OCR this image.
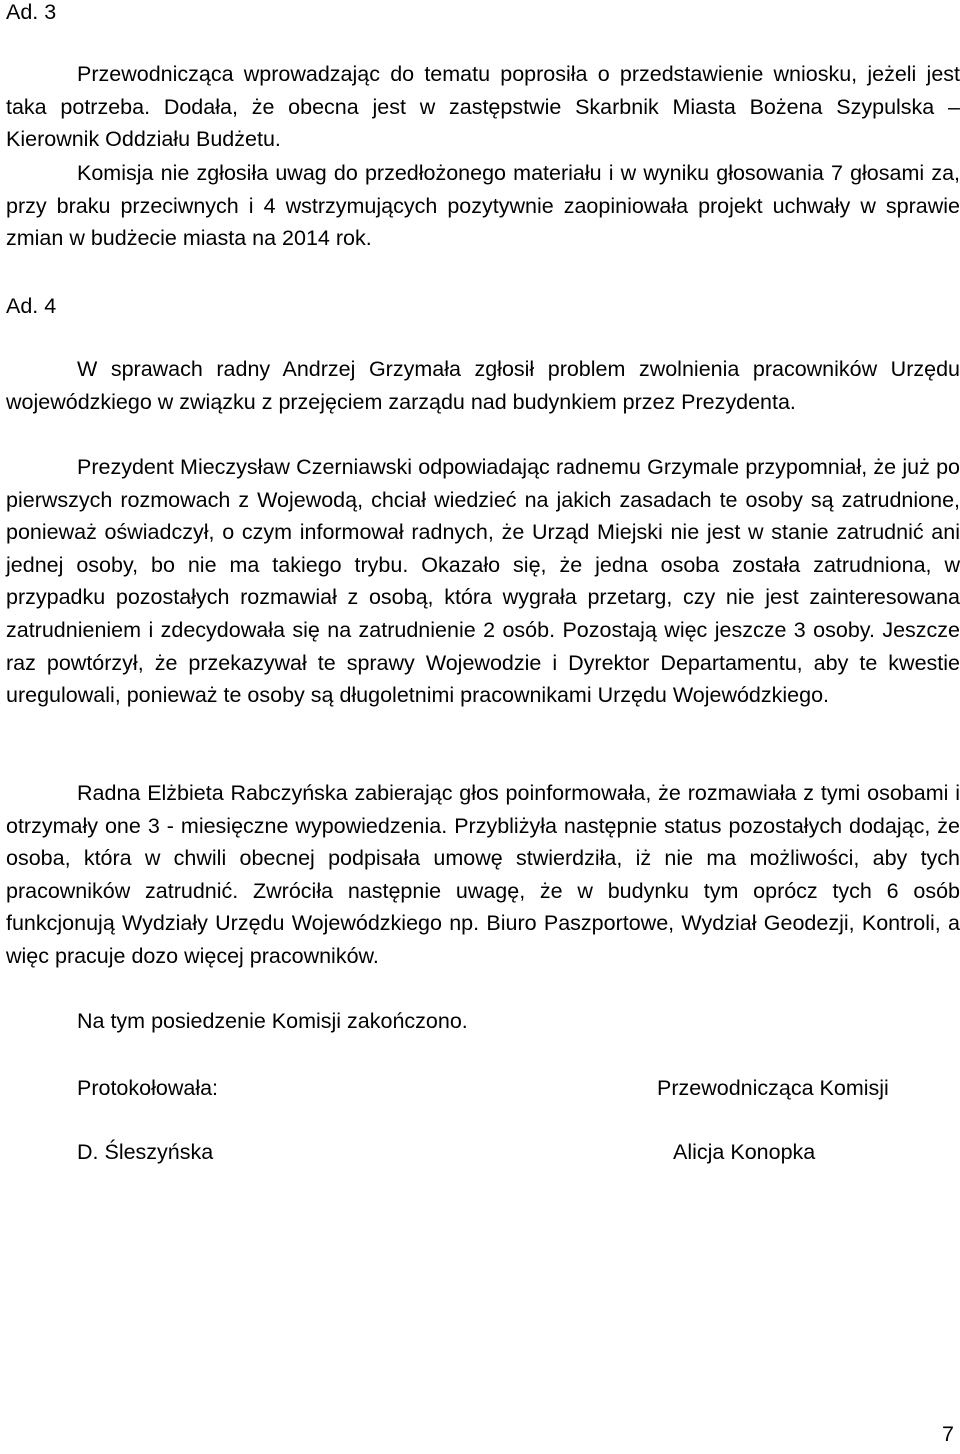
Ad. 3

Przewodnicząca wprowadzając do tematu poprosiła o przedstawienie wniosku, jeżeli jest taka potrzeba. Dodała, że obecna jest w zastępstwie Skarbnik Miasta Bożena Szypulska – Kierownik Oddziału Budżetu.

Komisja nie zgłosiła uwag do przedłożonego materiału i w wyniku głosowania 7 głosami za, przy braku przeciwnych i 4 wstrzymujących pozytywnie zaopiniowała projekt uchwały w sprawie zmian w budżecie miasta na 2014 rok.

Ad. 4

W sprawach radny Andrzej Grzymała zgłosił problem zwolnienia pracowników Urzędu wojewódzkiego w związku z przejęciem zarządu nad budynkiem przez Prezydenta.

Prezydent Mieczysław Czerniawski odpowiadając radnemu Grzymale przypomniał, że już po pierwszych rozmowach z Wojewodą, chciał wiedzieć na jakich zasadach te osoby są zatrudnione, ponieważ oświadczył, o czym informował radnych, że Urząd Miejski nie jest w stanie zatrudnić ani jednej osoby, bo nie ma takiego trybu. Okazało się, że jedna osoba została zatrudniona, w przypadku pozostałych rozmawiał z osobą, która wygrała przetarg, czy nie jest zainteresowana zatrudnieniem i zdecydowała się na zatrudnienie 2 osób. Pozostają więc jeszcze 3 osoby. Jeszcze raz powtórzył, że przekazywał te sprawy Wojewodzie i Dyrektor Departamentu, aby te kwestie uregulowali, ponieważ te osoby są długoletnimi pracownikami Urzędu Wojewódzkiego.

Radna Elżbieta Rabczyńska zabierając głos poinformowała, że rozmawiała z tymi osobami i otrzymały one 3 - miesięczne wypowiedzenia. Przybliżyła następnie status pozostałych dodając, że osoba, która w chwili obecnej podpisała umowę stwierdziła, iż nie ma możliwości, aby tych pracowników zatrudnić. Zwróciła następnie uwagę, że w budynku tym oprócz tych 6 osób funkcjonują Wydziały Urzędu Wojewódzkiego np. Biuro Paszportowe, Wydział Geodezji, Kontroli, a więc pracuje dozo więcej pracowników.

Na tym posiedzenie Komisji zakończono.

Protokołowała:	Przewodnicząca Komisji

D. Śleszyńska	Alicja Konopka

7
